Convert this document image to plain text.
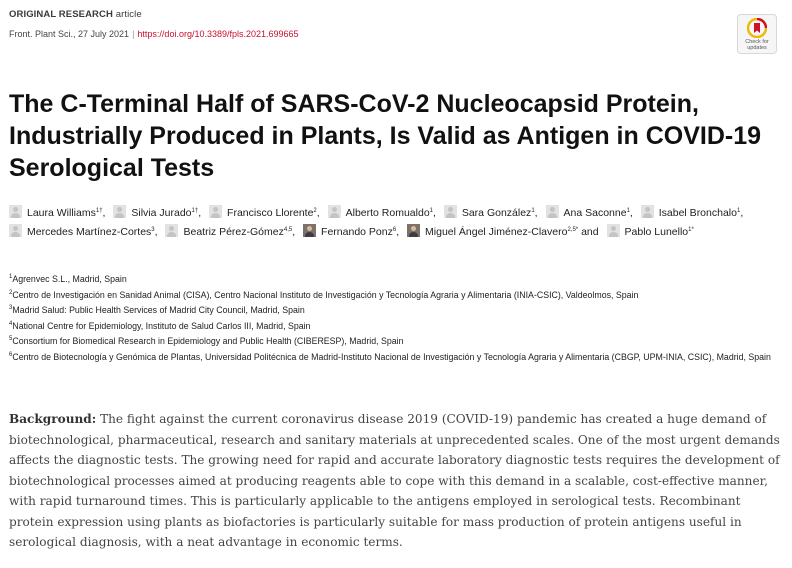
ORIGINAL RESEARCH article
Front. Plant Sci., 27 July 2021 | https://doi.org/10.3389/fpls.2021.699665
Check for
updates
The C-Terminal Half of SARS-CoV-2 Nucleocapsid Protein, Industrially Produced in Plants, Is Valid as Antigen in COVID-19 Serological Tests
Laura Williams$^{1\dagger}$, Silvia Jurado$^{1\dagger}$, Francisco Llorente$^2$, Alberto Romualdo$^1$, Sara González$^1$, Ana Saconne$^1$, Isabel Bronchalo$^1$, Mercedes Martínez-Cortes$^3$, Beatriz Pérez-Gómez$^{4,5}$, Fernando Ponz$^6$, Miguel Ángel Jiménez-Clavero$^{2,5*}$ and Pablo Lunello$^{1*}$
$^1$Agrenvec S.L., Madrid, Spain
$^2$Centro de Investigación en Sanidad Animal (CISA), Centro Nacional Instituto de Investigación y Tecnología Agraria y Alimentaria (INIA-CSIC), Valdeolmos, Spain
$^3$Madrid Salud: Public Health Services of Madrid City Council, Madrid, Spain
$^4$National Centre for Epidemiology, Instituto de Salud Carlos III, Madrid, Spain
$^5$Consortium for Biomedical Research in Epidemiology and Public Health (CIBERESP), Madrid, Spain
$^6$Centro de Biotecnología y Genómica de Plantas, Universidad Politécnica de Madrid-Instituto Nacional de Investigación y Tecnología Agraria y Alimentaria (CBGP, UPM-INIA, CSIC), Madrid, Spain

Background: The fight against the current coronavirus disease 2019 (COVID-19) pandemic has created a huge demand of biotechnological, pharmaceutical, research and sanitary materials at unprecedented scales. One of the most urgent demands affects the diagnostic tests. The growing need for rapid and accurate laboratory diagnostic tests requires the development of biotechnological processes aimed at producing reagents able to cope with this demand in a scalable, cost-effective manner, with rapid turnaround times. This is particularly applicable to the antigens employed in serological tests. Recombinant protein expression using plants as biofactories is particularly suitable for mass production of protein antigens useful in serological diagnosis, with a neat advantage in economic terms.
